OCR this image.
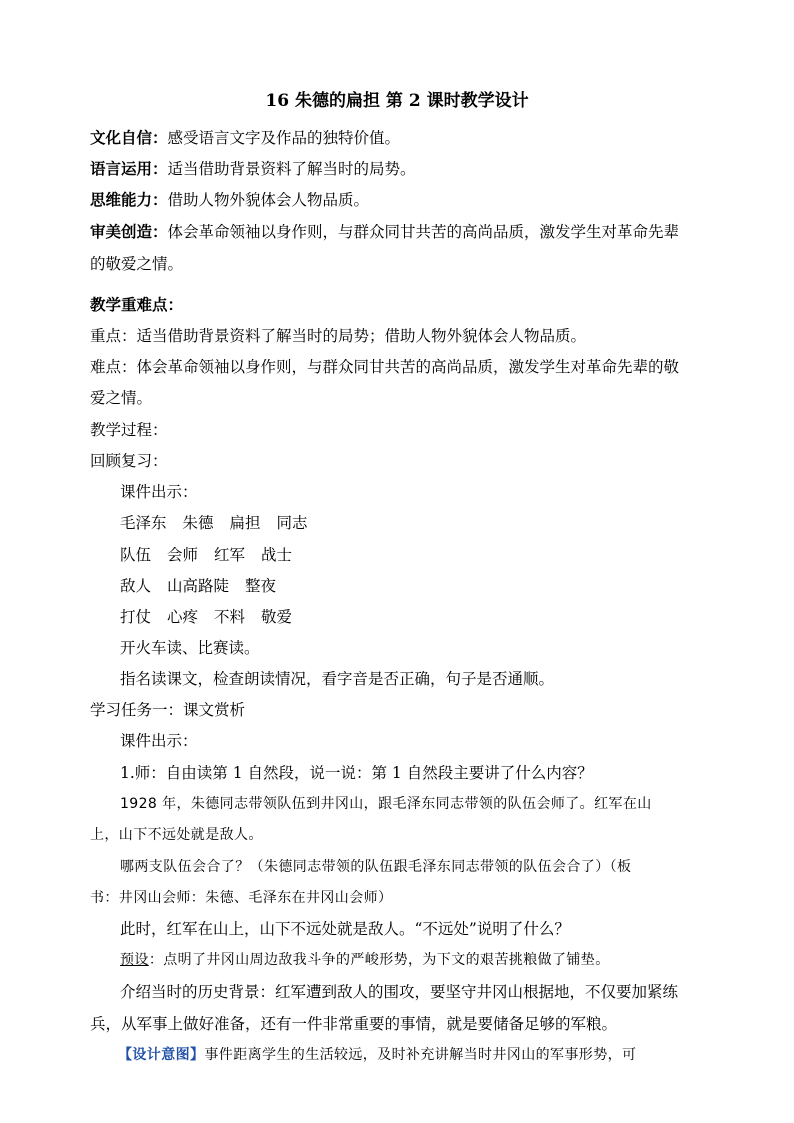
16 朱德的扁担 第 2 课时教学设计
文化自信：感受语言文字及作品的独特价值。
语言运用：适当借助背景资料了解当时的局势。
思维能力：借助人物外貌体会人物品质。
审美创造：体会革命领袖以身作则，与群众同甘共苦的高尚品质，激发学生对革命先辈
的敬爱之情。
教学重难点：
重点：适当借助背景资料了解当时的局势；借助人物外貌体会人物品质。
难点：体会革命领袖以身作则，与群众同甘共苦的高尚品质，激发学生对革命先辈的敬
爱之情。
教学过程：
回顾复习：
课件出示：
毛泽东 朱德 扁担 同志
队伍 会师 红军 战士
敌人 山高路陡 整夜
打仗 心疼 不料 敬爱
开火车读、比赛读。
指名读课文，检查朗读情况，看字音是否正确，句子是否通顺。
学习任务一：课文赏析
课件出示：
1.师：自由读第 1 自然段，说一说：第 1 自然段主要讲了什么内容？
1928 年，朱德同志带领队伍到井冈山，跟毛泽东同志带领的队伍会师了。红军在山
上，山下不远处就是敌人。
哪两支队伍会合了？（朱德同志带领的队伍跟毛泽东同志带领的队伍会合了）（板
书：井冈山会师：朱德、毛泽东在井冈山会师）
此时，红军在山上，山下不远处就是敌人。“不远处”说明了什么？
预设：点明了井冈山周边敌我斗争的严峻形势，为下文的艰苦挑粮做了铺垫。
介绍当时的历史背景：红军遭到敌人的围攻，要坚守井冈山根据地，不仅要加紧练
兵，从军事上做好准备，还有一件非常重要的事情，就是要储备足够的军粮。
【设计意图】事件距离学生的生活较远，及时补充讲解当时井冈山的军事形势，可
